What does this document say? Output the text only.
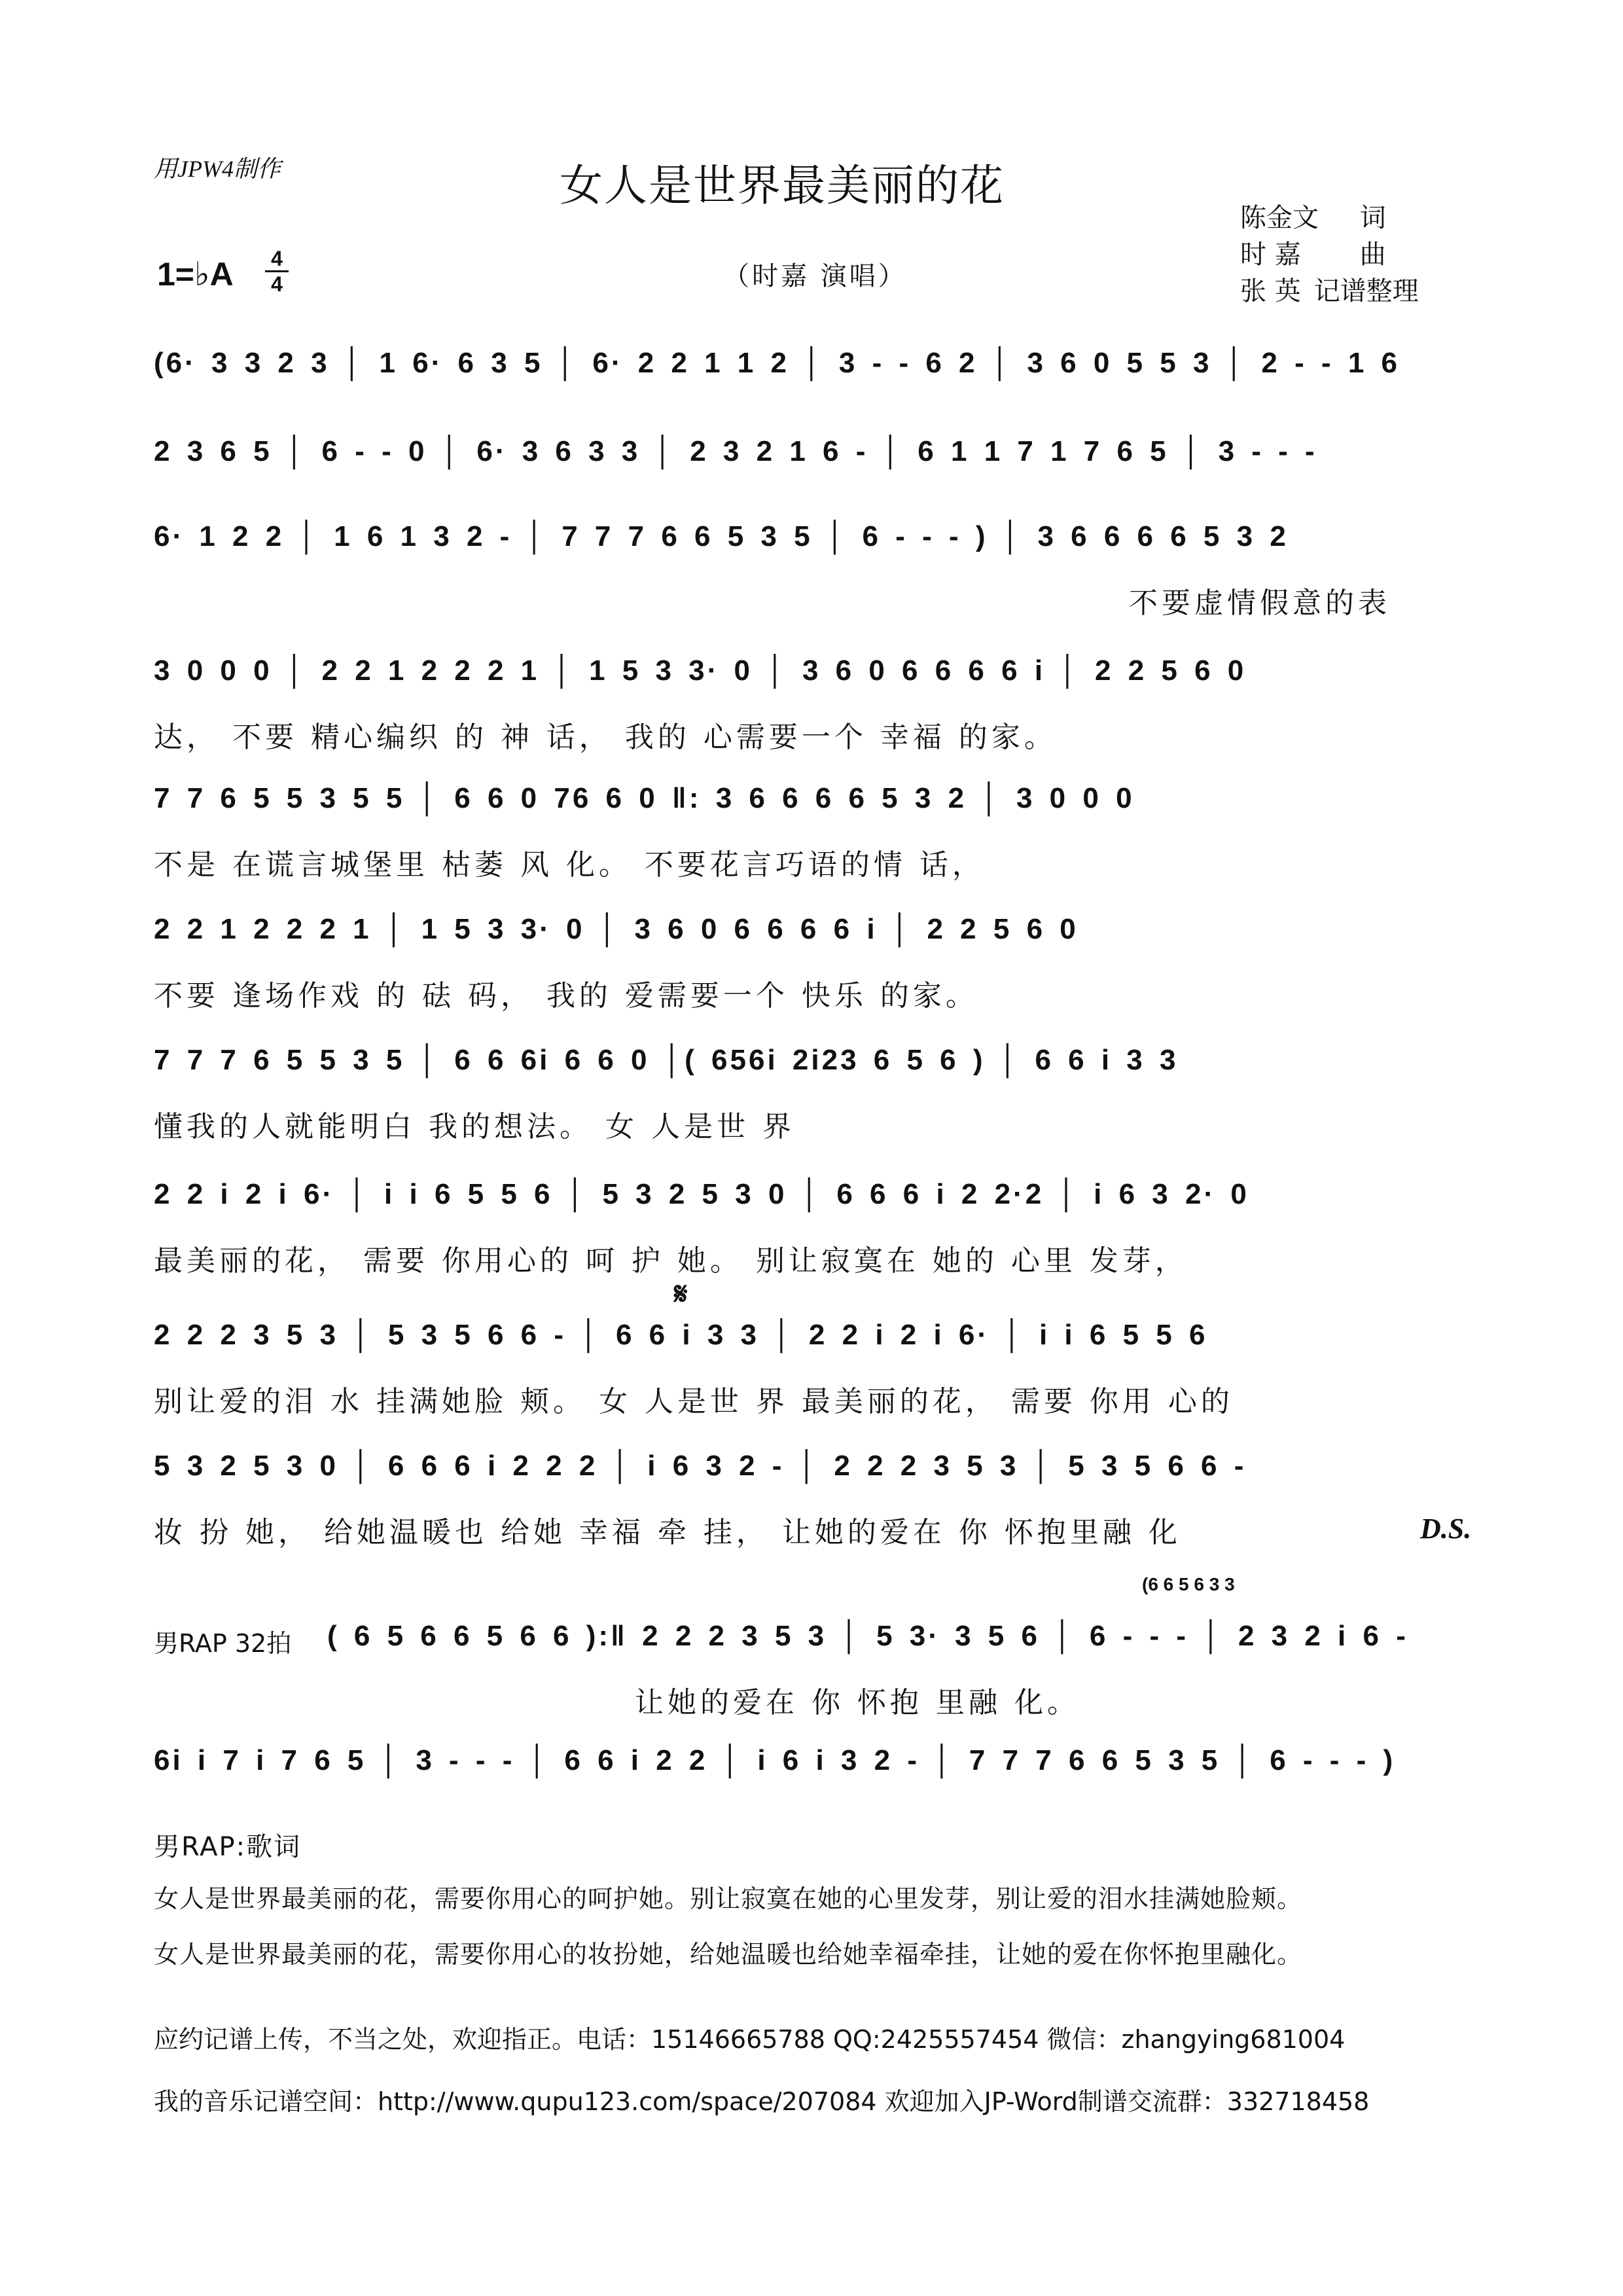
用JPW4制作	女人是世界最美丽的花
1=♭A 4
4	（时嘉 演唱）
陈金文 词
时 嘉 曲
张 英 记谱整理
(6· 3 3 2 3 │ 1 6· 6 3 5 │ 6· 2 2 1 1 2 │ 3 - - 6 2 │ 3 6 0 5 5 3 │ 2 - - 1 6
2 3 6 5 │ 6 - - 0 │ 6· 3 6 3 3 │ 2 3 2 1 6 - │ 6 1 1 7 1 7 6 5 │ 3 - - -
6· 1 2 2 │ 1 6 1 3 2 - │ 7 7 7 6 6 5 3 5 │ 6 - - - ) │ 3 6 6 6 6 5 3 2
不要虚情假意的表
3 0 0 0 │ 2 2 1 2 2 2 1 │ 1 5 3 3· 0 │ 3 6 0 6 6 6 6 i │ 2 2 5 6 0
达， 不要 精心编织 的 神 话， 我的 心需要一个 幸福 的家。
7 7 6 5 5 3 5 5 │ 6 6 0 76 6 0 ‖: 3 6 6 6 6 5 3 2 │ 3 0 0 0
不是 在谎言城堡里 枯萎 风 化。 不要花言巧语的情 话，
2 2 1 2 2 2 1 │ 1 5 3 3· 0 │ 3 6 0 6 6 6 6 i │ 2 2 5 6 0
不要 逢场作戏 的 砝 码， 我的 爱需要一个 快乐 的家。
7 7 7 6 5 5 3 5 │ 6 6 6i 6 6 0 │( 656i 2i23 6 5 6 ) │ 6 6 i 3 3
懂我的人就能明白 我的想法。 女 人是世 界
2 2 i 2 i 6· │ i i 6 5 5 6 │ 5 3 2 5 3 0 │ 6 6 6 i 2 2·2 │ i 6 3 2· 0
最美丽的花， 需要 你用心的 呵 护 她。 别让寂寞在 她的 心里 发芽，
𝄋
2 2 2 3 5 3 │ 5 3 5 6 6 - │ 6 6 i 3 3 │ 2 2 i 2 i 6· │ i i 6 5 5 6
别让爱的泪 水 挂满她脸 颊。 女 人是世 界 最美丽的花， 需要 你用 心的
5 3 2 5 3 0 │ 6 6 6 i 2 2 2 │ i 6 3 2 - │ 2 2 2 3 5 3 │ 5 3 5 6 6 -
妆 扮 她， 给她温暖也 给她 幸福 牵 挂， 让她的爱在 你 怀抱里融 化	D.S.
男RAP 32拍
(6 6 5 6 3 3
( 6 5 6 6 5 6 6 ):‖ 2 2 2 3 5 3 │ 5 3· 3 5 6 │ 6 - - - │ 2 3 2 i 6 -
让她的爱在 你 怀抱 里融 化。
6i i 7 i 7 6 5 │ 3 - - - │ 6 6 i 2 2 │ i 6 i 3 2 - │ 7 7 7 6 6 5 3 5 │ 6 - - - )
男RAP:歌词
女人是世界最美丽的花，需要你用心的呵护她。别让寂寞在她的心里发芽，别让爱的泪水挂满她脸颊。
女人是世界最美丽的花，需要你用心的妆扮她，给她温暖也给她幸福牵挂，让她的爱在你怀抱里融化。
应约记谱上传，不当之处，欢迎指正。电话：15146665788 QQ:2425557454 微信：zhangying681004
我的音乐记谱空间：http://www.qupu123.com/space/207084 欢迎加入JP-Word制谱交流群：332718458
